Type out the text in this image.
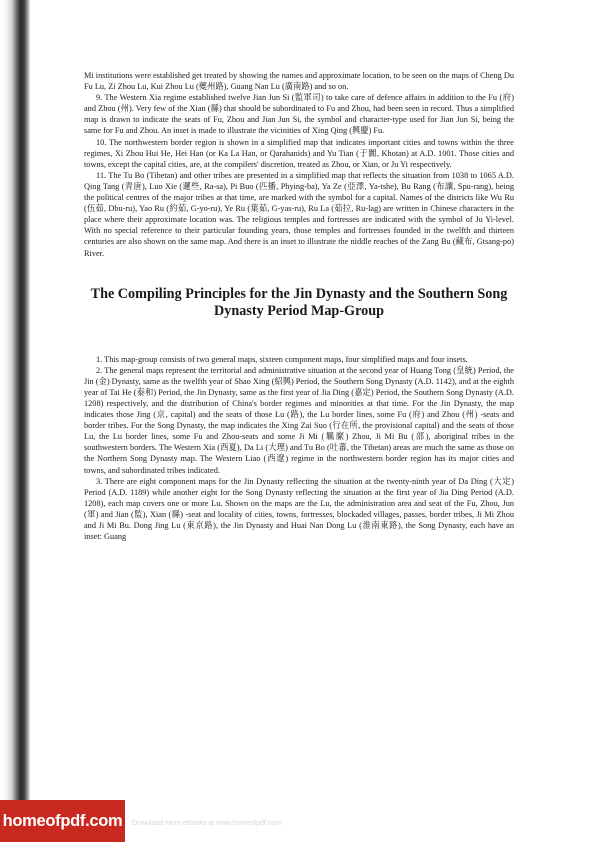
Mi institutions were established get treated by showing the names and approximate location, to be seen on the maps of Cheng Du Fu Lu, Zi Zhou Lu, Kui Zhou Lu (夔州路), Guang Nan Lu (廣南路) and so on.

9. The Western Xia regime established twelve Jian Jun Si (監軍司) to take care of defence affairs in addition to the Fu (府) and Zhou (州). Very few of the Xian (縣) that should be subordinated to Fu and Zhou, had been seen in record. Thus a simplified map is drawn to indicate the seats of Fu, Zhou and Jian Jun Si, the symbol and character-type used for Jian Jun Si, being the same for Fu and Zhou. An inset is made to illustrate the vicinities of Xing Qing (興慶) Fu.

10. The northwestern border region is shown in a simplified map that indicates important cities and towns within the three regimes, Xi Zhou Hui He, Hei Han (or Ka La Han, or Qarahanids) and Yu Tian (于闐, Khotan) at A.D. 1001. Those cities and towns, except the capital cities, are, at the compilers' discretion, treated as Zhou, or Xian, or Ju Yi respectively.

11. The Tu Bo (Tibetan) and other tribes are presented in a simplified map that reflects the situation from 1038 to 1065 A.D. Qing Tang (青唐), Luo Xie (邏些, Ra-sa), Pi Buo (匹播, Phying-ba), Ya Ze (亞澤, Ya-tshe), Bu Rang (布讓, Spu-rang), being the political centres of the major tribes at that time, are marked with the symbol for a capital. Names of the districts like Wu Ru (伍茹, Dbu-ru), Yao Ru (約茹, G-yo-ru), Ye Ru (葉茹, G-yas-ru), Ru La (茹拉, Ru-lag) are written in Chinese characters in the place where their approximate location was. The religious temples and fortresses are indicated with the symbol of Ju Yi-level. With no special reference to their particular founding years, those temples and fortresses founded in the twelfth and thirteen centuries are also shown on the same map. And there is an inset to illustrate the niddle reaches of the Zang Bu (藏布, Gtsang-po) River.

The Compiling Principles for the Jin Dynasty and the Southern Song Dynasty Period Map-Group

1. This map-group consists of two general maps, sixteen component maps, four simplified maps and four insets.

2. The general maps represent the territorial and administrative situation at the second year of Huang Tong (皇統) Period, the Jin (金) Dynasty, same as the twelfth year of Shao Xing (紹興) Period, the Southern Song Dynasty (A.D. 1142), and at the eighth year of Tai He (泰和) Period, the Jin Dynasty, same as the first year of Jia Ding (嘉定) Period, the Southern Song Dynasty (A.D. 1208) respectively, and the distribution of China's border regimes and minorities at that time. For the Jin Dynasty, the map indicates those Jing (京, capital) and the seats of those Lu (路), the Lu border lines, some Fu (府) and Zhou (州) -seats and border tribes. For the Song Dynasty, the map indicates the Xing Zai Suo (行在所, the provisional capital) and the seats of those Lu, the Lu border lines, some Fu and Zhou-seats and some Ji Mi (羈縻) Zhou, Ji Mi Bu (部), aboriginal tribes in the southwestern borders. The Western Xia (西夏), Da Li (大理) and Tu Bo (吐蕃, the Tibetan) areas are much the same as those on the Northern Song Dynasty map. The Western Liao (西遼) regime in the northwestern border region has its major cities and towns, and subordinated tribes indicated.

3. There are eight component maps for the Jin Dynasty reflecting the situation at the twenty-ninth year of Da Ding (大定) Period (A.D. 1189) while another eight for the Song Dynasty reflecting the situation at the first year of Jia Ding Period (A.D. 1208), each map covers one or more Lu. Shown on the maps are the Lu, the administration area and seat of the Fu, Zhou, Jun (軍) and Jian (監), Xian (縣) -seat and locality of cities, towns, fortresses, blockaded villages, passes, border tribes, Ji Mi Zhou and Ji Mi Bu. Dong Jing Lu (東京路), the Jin Dynasty and Huai Nan Dong Lu (淮南東路), the Song Dynasty, each have an inset: Guang

homeofpdf.com	Download more eBooks at www.homeofpdf.com
